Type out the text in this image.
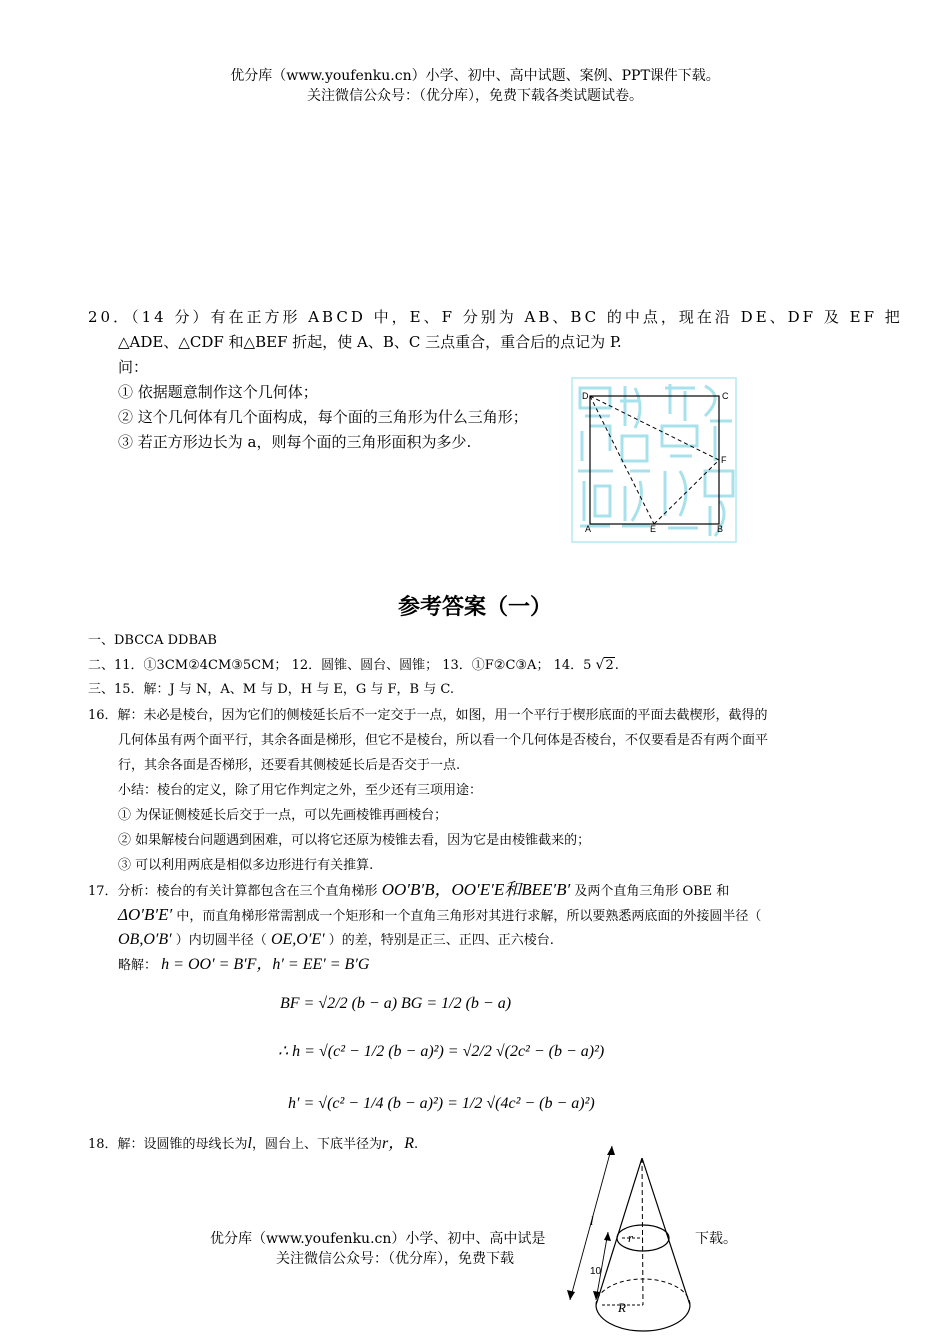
优分库（www.youfenku.cn）小学、初中、高中试题、案例、PPT课件下载。
关注微信公众号：（优分库），免费下载各类试题试卷。
20．（14 分）有在正方形 ABCD 中，E、F 分别为 AB、BC 的中点，现在沿 DE、DF 及 EF 把
△ADE、△CDF 和△BEF 折起，使 A、B、C 三点重合，重合后的点记为 P.
问：
① 依据题意制作这个几何体；
② 这个几何体有几个面构成，每个面的三角形为什么三角形；
③ 若正方形边长为 a，则每个面的三角形面积为多少.
D	C
A	B
E
F
参考答案（一）
一、DBCCA DDBAB
二、11．①3CM②4CM③5CM； 12．圆锥、圆台、圆锥； 13．①F②C③A； 14．5 √2.
三、15．解：J 与 N，A、M 与 D，H 与 E，G 与 F，B 与 C.
16．解：未必是棱台，因为它们的侧棱延长后不一定交于一点，如图，用一个平行于楔形底面的平面去截楔形，截得的
几何体虽有两个面平行，其余各面是梯形，但它不是棱台，所以看一个几何体是否棱台，不仅要看是否有两个面平
行，其余各面是否梯形，还要看其侧棱延长后是否交于一点.
小结：棱台的定义，除了用它作判定之外，至少还有三项用途：
① 为保证侧棱延长后交于一点，可以先画棱锥再画棱台；
② 如果解棱台问题遇到困难，可以将它还原为棱锥去看，因为它是由棱锥截来的；
③ 可以利用两底是相似多边形进行有关推算.
17．分析：棱台的有关计算都包含在三个直角梯形 OO′B′B，OO′E′E和BEE′B′ 及两个直角三角形 OBE 和
ΔO′B′E′ 中，而直角梯形常需割成一个矩形和一个直角三角形对其进行求解，所以要熟悉两底面的外接圆半径（
OB,O′B′ ）内切圆半径（ OE,O′E′ ）的差，特别是正三、正四、正六棱台.
略解： h = OO′ = B′F，h′ = EE′ = B′G
BF = √2/2 (b − a) BG = 1/2 (b − a)
∴ h = √(c² − 1/2 (b − a)²) = √2/2 √(2c² − (b − a)²)
h′ = √(c² − 1/4 (b − a)²) = 1/2 √(4c² − (b − a)²)
18．解：设圆锥的母线长为l，圆台上、下底半径为r，R.
l
r
10
R
优分库（www.youfenku.cn）小学、初中、高中试是	下载。
关注微信公众号：（优分库），免费下载
